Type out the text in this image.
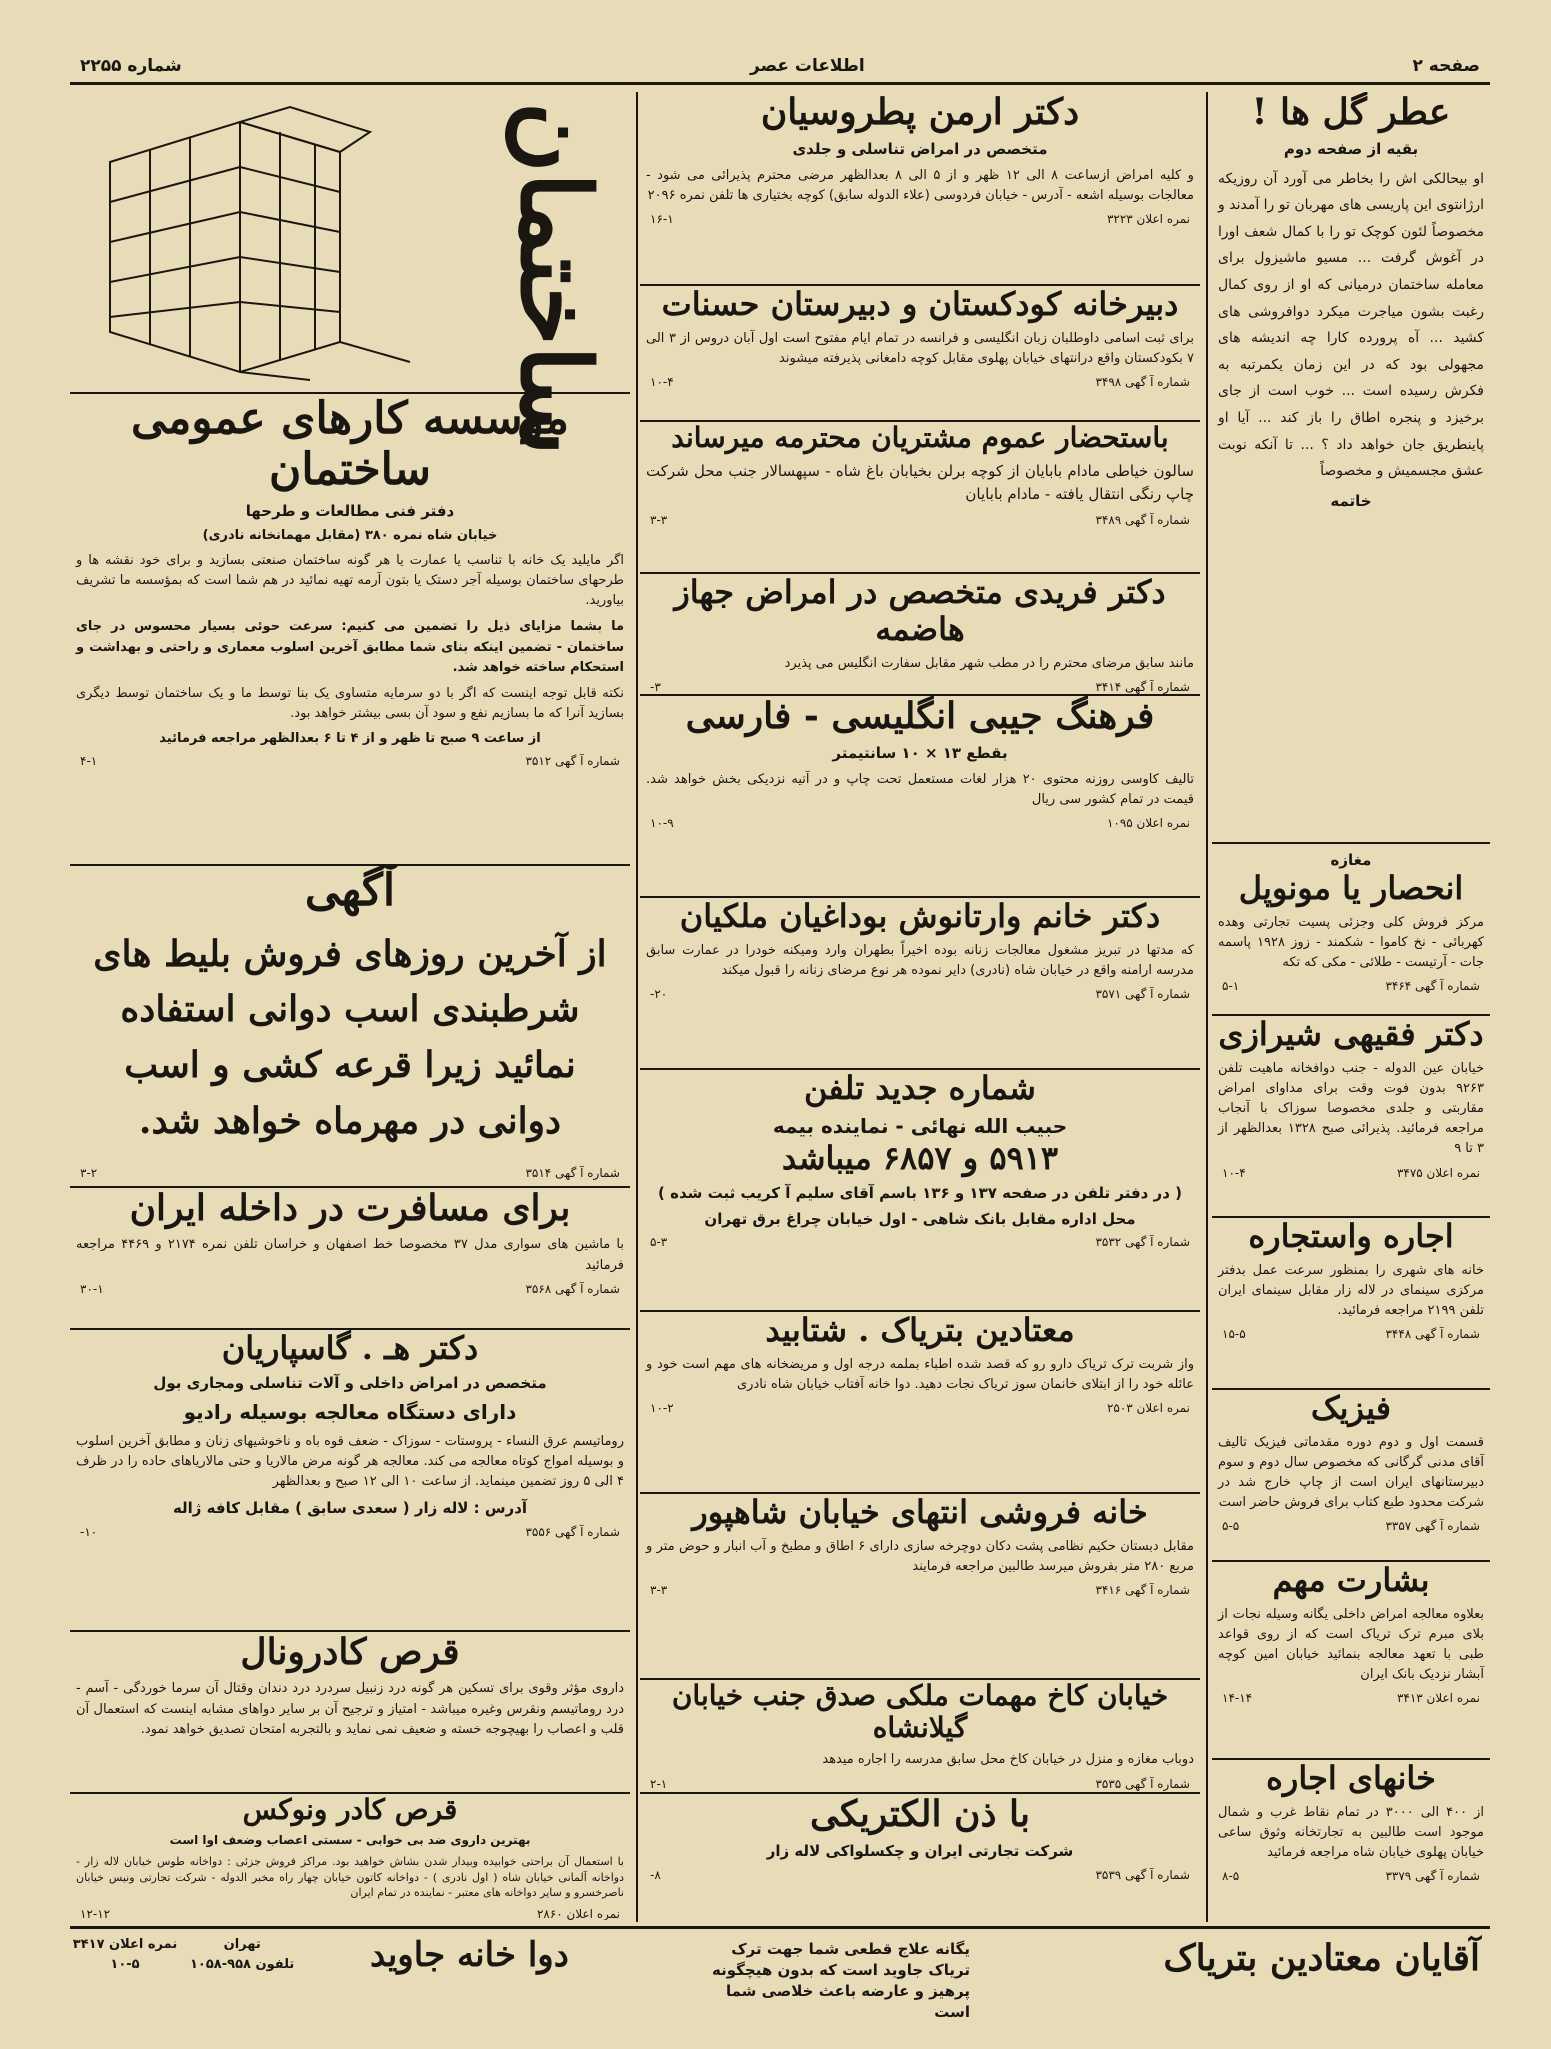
شماره ۲۲۵۵	اطلاعات عصر	صفحه ۲
عطر گل ها !
بقیه از صفحه دوم
او بیحالکی اش را بخاطر می آورد آن روزیکه ارژانتوی این پاریسی های مهربان تو را آمدند و مخصوصاً لئون کوچک تو را با کمال شعف اورا در آغوش گرفت ... مسیو ماشیزول برای معامله ساختمان درمیانی که او از روی کمال رغبت بشون میاجرت میکرد دوافروشی های کشید ... آه پرورده کارا چه اندیشه های مجهولی بود که در این زمان یکمرتبه به فکرش رسیده است ... خوب است از جای برخیزد و پنجره اطاق را باز کند ... آیا او پاینطریق جان خواهد داد ؟ ... تا آنکه نوبت عشق مجسمیش و مخصوصاً
خاتمه
مغازه
انحصار یا مونوپل
مرکز فروش کلی وجزئی پسیت تجارتی وهده کهربائی - نخ کاموا - شکمند - زوز ۱۹۲۸ پاسمه جات - آرتیست - طلائی - مکی که تکه
شماره آ گهی ۳۴۶۴
۵-۱
دکتر فقیهی شیرازی
خیابان عین الدوله - جنب دوافخانه ماهیت تلفن ۹۲۶۳ بدون فوت وقت برای مداوای امراض مقاربتی و جلدی مخصوصا سوزاک با آنجاب مراجعه فرمائید. پذیرائی صبح ۱۳۲۸ بعدالظهر از ۳ تا ۹
نمره اعلان ۳۴۷۵
۱۰-۴
اجاره واستجاره
خانه های شهری را بمنظور سرعت عمل بدفتر مرکزی سینمای در لاله زار مقابل سینمای ایران تلفن ۲۱۹۹ مراجعه فرمائید.
شماره آ گهی ۳۴۴۸
۱۵-۵
فیزیک
قسمت اول و دوم دوره مقدماتی فیزیک تالیف آقای مدنی گرگانی که مخصوص سال دوم و سوم دبیرستانهای ایران است از چاپ خارج شد در شرکت محدود طبع کتاب برای فروش حاضر است
شماره آ گهی ۳۳۵۷
۵-۵
بشارت مهم
بعلاوه معالجه امراض داخلی یگانه وسیله نجات از بلای مبرم ترک تریاک است که از روی قواعد طبی با تعهد معالجه بنمائید خیابان امین کوچه آبشار نزدیک بانک ایران
نمره اعلان ۳۴۱۳
۱۴-۱۴
خانهای اجاره
از ۴۰۰ الی ۳۰۰۰ در تمام نقاط غرب و شمال موجود است طالبین به تجارتخانه وثوق ساعی خیابان پهلوی خیابان شاه مراجعه فرمائید
شماره آ گهی ۳۳۷۹
۸-۵
دکتر ارمن پطروسیان
متخصص در امراض تناسلی و جلدی
و کلیه امراض ازساعت ۸ الی ۱۲ ظهر و از ۵ الی ۸ بعدالظهر مرضی محترم پذیرائی می شود - معالجات بوسیله اشعه - آدرس - خیابان فردوسی (علاء الدوله سابق) کوچه بختیاری ها تلفن نمره ۲۰۹۶
نمره اعلان ۳۲۲۳
۱۶-۱
دبیرخانه کودکستان و دبیرستان حسنات
برای ثبت اسامی داوطلبان زبان انگلیسی و فرانسه در تمام ایام مفتوح است اول آبان دروس از ۳ الی ۷ بکودکستان واقع درانتهای خیابان پهلوی مقابل کوچه دامغانی پذیرفته میشوند
شماره آ گهی ۳۴۹۸
۱۰-۴
باستحضار عموم مشتریان محترمه میرساند
سالون خیاطی مادام بابایان از کوچه برلن بخیابان باغ شاه - سپهسالار جنب محل شرکت چاپ رنگی انتقال یافته - مادام بابایان
شماره آ گهی ۳۴۸۹
۳-۳
دکتر فریدی متخصص در امراض جهاز هاضمه
مانند سابق مرضای محترم را در مطب شهر مقابل سفارت انگلیس می پذیرد
شماره آ گهی ۳۴۱۴
۳-
فرهنگ جیبی انگلیسی - فارسی
بقطع ۱۳ × ۱۰ سانتیمتر
تالیف کاوسی روزنه محتوی ۲۰ هزار لغات مستعمل تحت چاپ و در آتیه نزدیکی بخش خواهد شد. قیمت در تمام کشور سی ریال
نمره اعلان ۱۰۹۵
۱۰-۹
دکتر خانم وارتانوش بوداغیان ملکیان
که مدتها در تبریز مشغول معالجات زنانه بوده اخیراً بطهران وارد ومیکنه خودرا در عمارت سابق مدرسه ارامنه واقع در خیابان شاه (نادری) دایر نموده هر نوع مرضای زنانه را قبول میکند
شماره آ گهی ۳۵۷۱
۲۰-
شماره جدید تلفن
حبیب الله نهائی - نماینده بیمه
۵۹۱۳ و ۶۸۵۷ میباشد
( در دفتر تلفن در صفحه ۱۳۷ و ۱۳۶ باسم آقای سلیم آ کریب ثبت شده )
محل اداره مقابل بانک شاهی - اول خیابان چراغ برق تهران
شماره آ گهی ۳۵۳۲
۵-۳
معتادین بتریاک . شتابید
واز شربت ترک تریاک دارو رو که قصد شده اطباء بملمه درجه اول و مریضخانه های مهم است خود و عائله خود را از ابتلای خانمان سوز تریاک نجات دهید. دوا خانه آفتاب خیابان شاه نادری
نمره اعلان ۲۵۰۳
۱۰-۲
خانه فروشی انتهای خیابان شاهپور
مقابل دبستان حکیم نظامی پشت دکان دوچرخه سازی دارای ۶ اطاق و مطبخ و آب انبار و حوض متر و مربع ۲۸۰ متر بفروش میرسد طالبین مراجعه فرمایند
شماره آ گهی ۳۴۱۶
۳-۳
خیابان کاخ مهمات ملکی صدق جنب خیابان گیلانشاه
دوباب مغازه و منزل در خیابان کاخ محل سابق مدرسه را اجاره میدهد
شماره آ گهی ۳۵۳۵
۲-۱
با ذن الکتریکی
شرکت تجارتی ایران و چکسلواکی لاله زار
شماره آ گهی ۳۵۳۹
۸-
ساختمان
موسسه کارهای عمومی ساختمان
دفتر فنی مطالعات و طرحها
خیابان شاه نمره ۳۸۰ (مقابل مهمانخانه نادری)
اگر مایلید یک خانه با تناسب یا عمارت یا هر گونه ساختمان صنعتی بسازید و برای خود نقشه ها و طرحهای ساختمان بوسیله آجر دستک یا بتون آرمه تهیه نمائید در هم شما است که بمؤسسه ما تشریف بیاورید.
ما بشما مزایای ذیل را تضمین می کنیم: سرعت حوئی بسیار محسوس در جای ساختمان - تضمین اینکه بنای شما مطابق آخرین اسلوب معماری و راحتی و بهداشت و استحکام ساخته خواهد شد.
نکته قابل توجه اینست که اگر با دو سرمایه متساوی یک بنا توسط ما و یک ساختمان توسط دیگری بسازید آنرا که ما بسازیم نفع و سود آن بسی بیشتر خواهد بود.
از ساعت ۹ صبح تا ظهر و از ۴ تا ۶ بعدالظهر مراجعه فرمائید
شماره آ گهی ۳۵۱۲
۴-۱
آگهی
از آخرین روزهای فروش بلیط های شرطبندی اسب دوانی استفاده نمائید زیرا قرعه کشی و اسب دوانی در مهرماه خواهد شد.
شماره آ گهی ۳۵۱۴
۳-۲
برای مسافرت در داخله ایران
با ماشین های سواری مدل ۳۷ مخصوصا خط اصفهان و خراسان تلفن نمره ۲۱۷۴ و ۴۴۶۹ مراجعه فرمائید
شماره آ گهی ۳۵۶۸
۳۰-۱
دکتر هـ . گاسپاریان
متخصص در امراض داخلی و آلات تناسلی ومجاری بول
دارای دستگاه معالجه بوسیله رادیو
روماتیسم عرق النساء - پروستات - سوزاک - ضعف قوه باه و ناخوشیهای زنان و مطابق آخرین اسلوب و بوسیله امواج کوتاه معالجه می کند. معالجه هر گونه مرض مالاریا و حتی مالاریاهای حاده را در ظرف ۴ الی ۵ روز تضمین مینماید. از ساعت ۱۰ الی ۱۲ صبح و بعدالظهر
آدرس : لاله زار ( سعدی سابق ) مقابل کافه ژاله
شماره آ گهی ۳۵۵۶
۱۰-
قرص کادرونال
داروی مؤثر وقوی برای تسکین هر گونه درد زنبیل سردرد درد دندان وقتال آن سرما خوردگی - آسم - درد روماتیسم ونقرس وغیره میباشد - امتیاز و ترجیح آن بر سایر دواهای مشابه اینست که استعمال آن قلب و اعصاب را بهیچوجه خسته و ضعیف نمی نماید و بالتجربه امتحان تصدیق خواهد نمود.
قرص کادر ونوکس
بهترین داروی ضد بی خوابی - سستی اعصاب وضعف اوا است
با استعمال آن براحتی خوابیده وبیدار شدن بشاش خواهید بود. مراکز فروش جزئی : دواخانه طوس خیابان لاله زار - دواخانه آلمانی خیابان شاه ( اول نادری ) - دواخانه کاتون خیابان چهار راه مخبر الدوله - شرکت تجارتی ونیس خیابان ناصرخسرو و سایر دواخانه های معتبر - نماینده در تمام ایران
نمره اعلان ۲۸۶۰
۱۲-۱۲
آقایان معتادین بتریاک
یگانه علاج قطعی شما جهت ترک تریاک جاوید است که بدون هیچگونه پرهیز و عارضه باعث خلاصی شما است
دوا خانه جاوید
تهران
تلفون ۹۵۸-۱۰۵۸
نمره اعلان ۳۴۱۷
۱۰-۵
